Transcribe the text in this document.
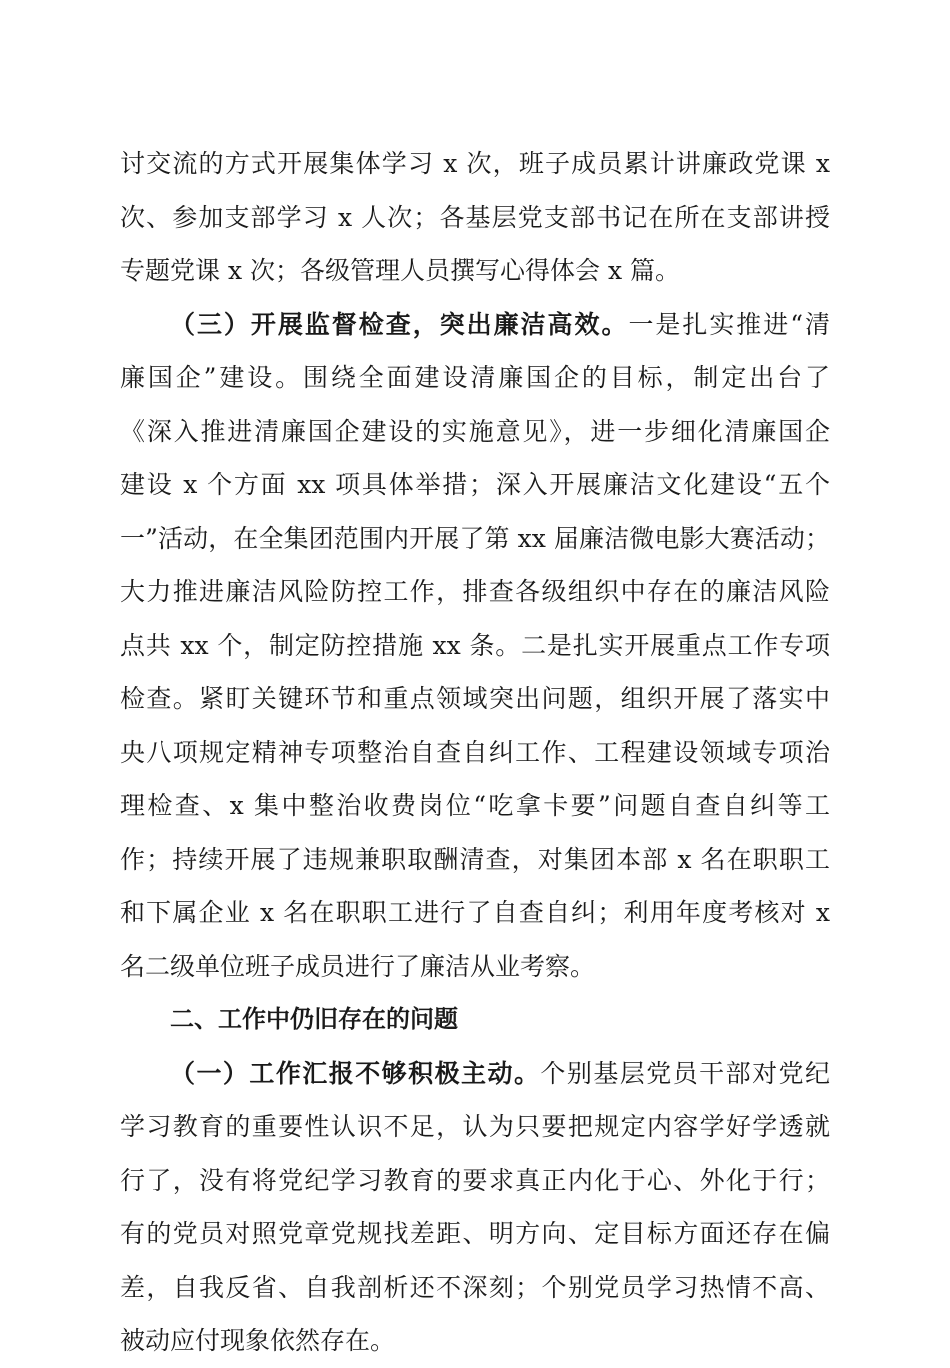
讨交流的方式开展集体学习 x 次，班子成员累计讲廉政党课 x
次、参加支部学习 x 人次；各基层党支部书记在所在支部讲授
专题党课 x 次；各级管理人员撰写心得体会 x 篇。
（三）开展监督检查，突出廉洁高效。一是扎实推进“清
廉国企”建设。围绕全面建设清廉国企的目标，制定出台了
《深入推进清廉国企建设的实施意见》，进一步细化清廉国企
建设 x 个方面 xx 项具体举措；深入开展廉洁文化建设“五个
一”活动，在全集团范围内开展了第 xx 届廉洁微电影大赛活动；
大力推进廉洁风险防控工作，排查各级组织中存在的廉洁风险
点共 xx 个，制定防控措施 xx 条。二是扎实开展重点工作专项
检查。紧盯关键环节和重点领域突出问题，组织开展了落实中
央八项规定精神专项整治自查自纠工作、工程建设领域专项治
理检查、x 集中整治收费岗位“吃拿卡要”问题自查自纠等工
作；持续开展了违规兼职取酬清查，对集团本部 x 名在职职工
和下属企业 x 名在职职工进行了自查自纠；利用年度考核对 x
名二级单位班子成员进行了廉洁从业考察。
二、工作中仍旧存在的问题
（一）工作汇报不够积极主动。个别基层党员干部对党纪
学习教育的重要性认识不足，认为只要把规定内容学好学透就
行了，没有将党纪学习教育的要求真正内化于心、外化于行；
有的党员对照党章党规找差距、明方向、定目标方面还存在偏
差，自我反省、自我剖析还不深刻；个别党员学习热情不高、
被动应付现象依然存在。
